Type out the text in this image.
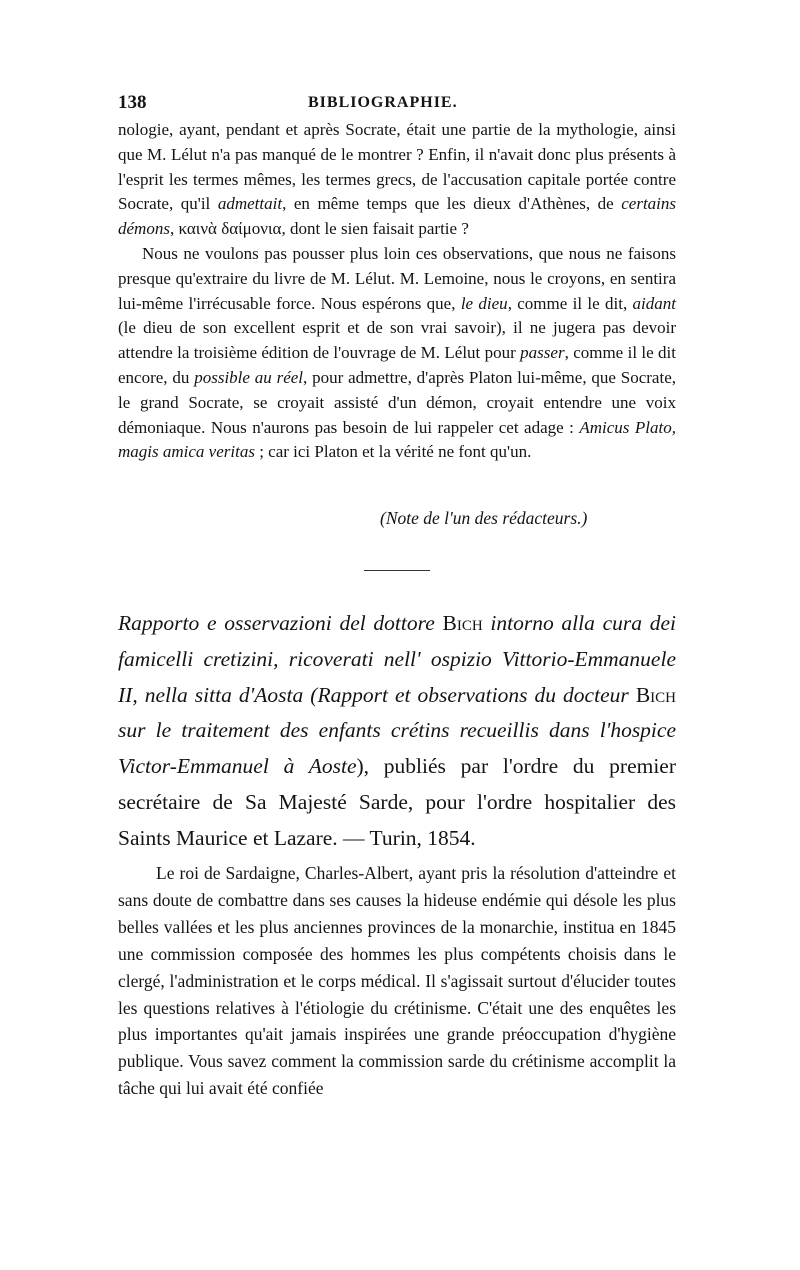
138	BIBLIOGRAPHIE.

nologie, ayant, pendant et après Socrate, était une partie de la mythologie, ainsi que M. Lélut n'a pas manqué de le montrer ? Enfin, il n'avait donc plus présents à l'esprit les termes mêmes, les termes grecs, de l'accusation capitale portée contre Socrate, qu'il admettait, en même temps que les dieux d'Athènes, de certains démons, καινὰ δαίμονια, dont le sien faisait partie ?

Nous ne voulons pas pousser plus loin ces observations, que nous ne faisons presque qu'extraire du livre de M. Lélut. M. Lemoine, nous le croyons, en sentira lui-même l'irrécusable force. Nous espérons que, le dieu, comme il le dit, aidant (le dieu de son excellent esprit et de son vrai savoir), il ne jugera pas devoir attendre la troisième édition de l'ouvrage de M. Lélut pour passer, comme il le dit encore, du possible au réel, pour admettre, d'après Platon lui-même, que Socrate, le grand Socrate, se croyait assisté d'un démon, croyait entendre une voix démoniaque. Nous n'aurons pas besoin de lui rappeler cet adage : Amicus Plato, magis amica veritas ; car ici Platon et la vérité ne font qu'un.

(Note de l'un des rédacteurs.)

Rapporto e osservazioni del dottore Bich intorno alla cura dei famicelli cretizini, ricoverati nell' ospizio Vittorio-Emmanuele II, nella sitta d'Aosta (Rapport et observations du docteur Bich sur le traitement des enfants crétins recueillis dans l'hospice Victor-Emmanuel à Aoste), publiés par l'ordre du premier secrétaire de Sa Majesté Sarde, pour l'ordre hospitalier des Saints Maurice et Lazare. — Turin, 1854.

Le roi de Sardaigne, Charles-Albert, ayant pris la résolution d'atteindre et sans doute de combattre dans ses causes la hideuse endémie qui désole les plus belles vallées et les plus anciennes provinces de la monarchie, institua en 1845 une commission composée des hommes les plus compétents choisis dans le clergé, l'administration et le corps médical. Il s'agissait surtout d'élucider toutes les questions relatives à l'étiologie du crétinisme. C'était une des enquêtes les plus importantes qu'ait jamais inspirées une grande préoccupation d'hygiène publique. Vous savez comment la commission sarde du crétinisme accomplit la tâche qui lui avait été confiée
